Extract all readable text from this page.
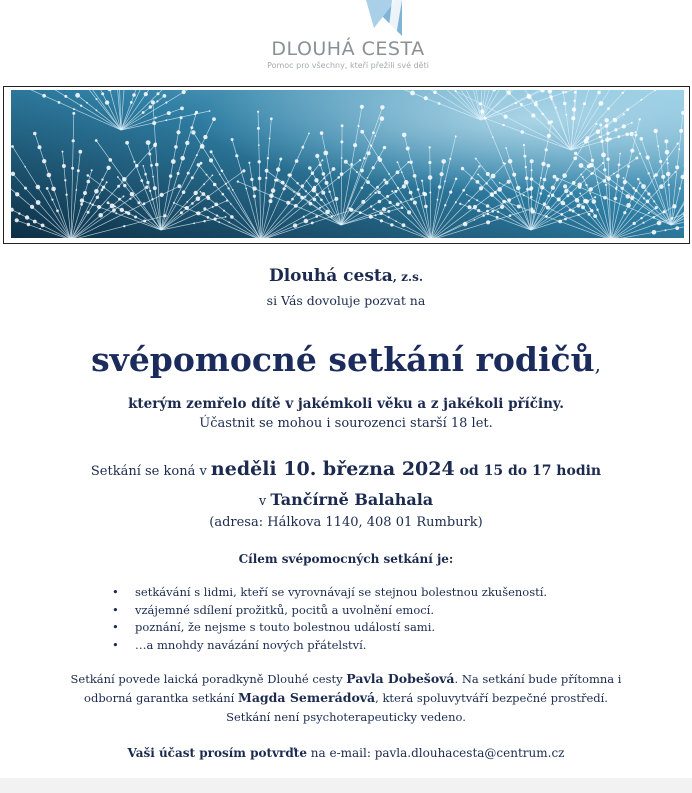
DLOUHÁ CESTA
Pomoc pro všechny, kteří přežili své děti
Dlouhá cesta, z.s.
si Vás dovoluje pozvat na
svépomocné setkání rodičů,
kterým zemřelo dítě v jakémkoli věku a z jakékoli příčiny.
Účastnit se mohou i sourozenci starší 18 let.
Setkání se koná v neděli 10. března 2024 od 15 do 17 hodin
v Tančírně Balahala
(adresa: Hálkova 1140, 408 01 Rumburk)
Cílem svépomocných setkání je:
• setkávání s lidmi, kteří se vyrovnávají se stejnou bolestnou zkušeností.
• vzájemné sdílení prožitků, pocitů a uvolnění emocí.
• poznání, že nejsme s touto bolestnou událostí sami.
• …a mnohdy navázání nových přátelství.
Setkání povede laická poradkyně Dlouhé cesty Pavla Dobešová. Na setkání bude přítomna i
odborná garantka setkání Magda Semerádová, která spoluvytváří bezpečné prostředí.
Setkání není psychoterapeuticky vedeno.
Vaši účast prosím potvrďte na e-mail: pavla.dlouhacesta@centrum.cz
